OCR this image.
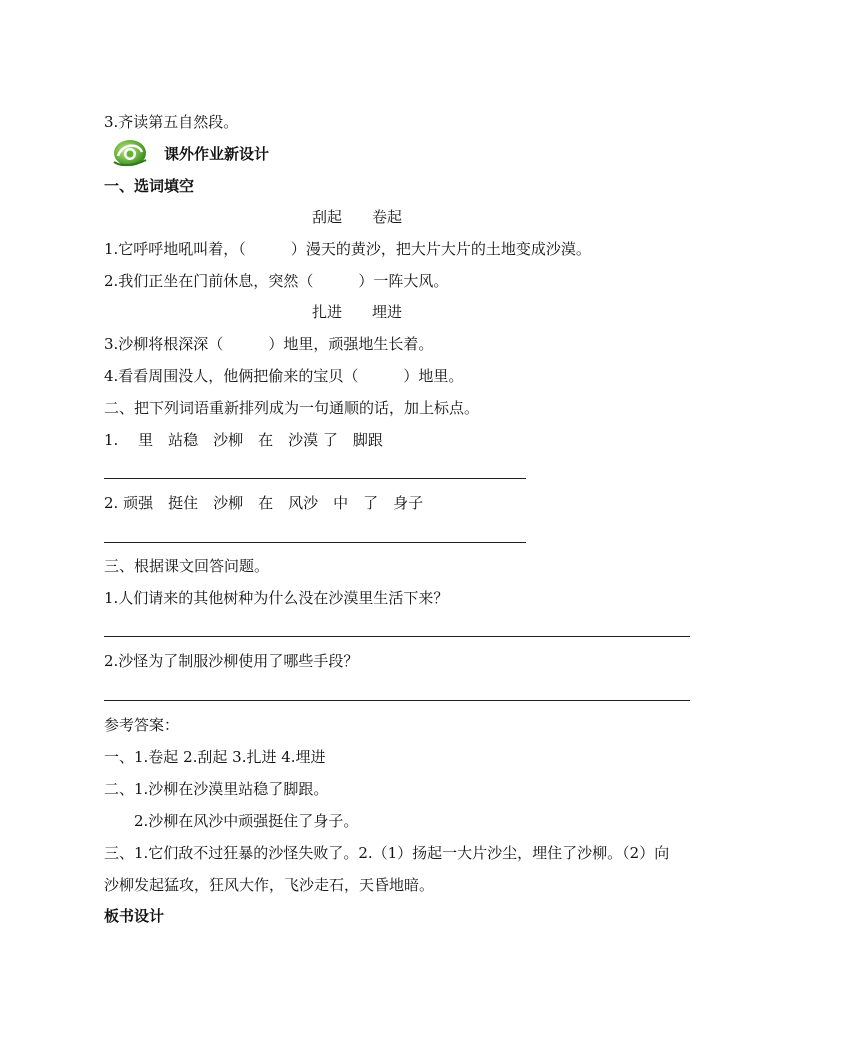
3.齐读第五自然段。
课外作业新设计
一、选词填空
刮起　　卷起
1.它呼呼地吼叫着，（　　　）漫天的黄沙，把大片大片的土地变成沙漠。
2.我们正坐在门前休息，突然（　　　）一阵大风。
扎进　　埋进
3.沙柳将根深深（　　　）地里，顽强地生长着。
4.看看周围没人，他俩把偷来的宝贝（　　　）地里。
二、把下列词语重新排列成为一句通顺的话，加上标点。
1.　 里　站稳　沙柳　在　沙漠 了　脚跟
2. 顽强　挺住　沙柳　在　风沙　中　了　身子
三、根据课文回答问题。
1.人们请来的其他树种为什么没在沙漠里生活下来？
2.沙怪为了制服沙柳使用了哪些手段？
参考答案：
一、1.卷起 2.刮起 3.扎进 4.埋进
二、1.沙柳在沙漠里站稳了脚跟。
2.沙柳在风沙中顽强挺住了身子。
三、1.它们敌不过狂暴的沙怪失败了。2.（1）扬起一大片沙尘，埋住了沙柳。（2）向
沙柳发起猛攻，狂风大作，飞沙走石，天昏地暗。
板书设计
